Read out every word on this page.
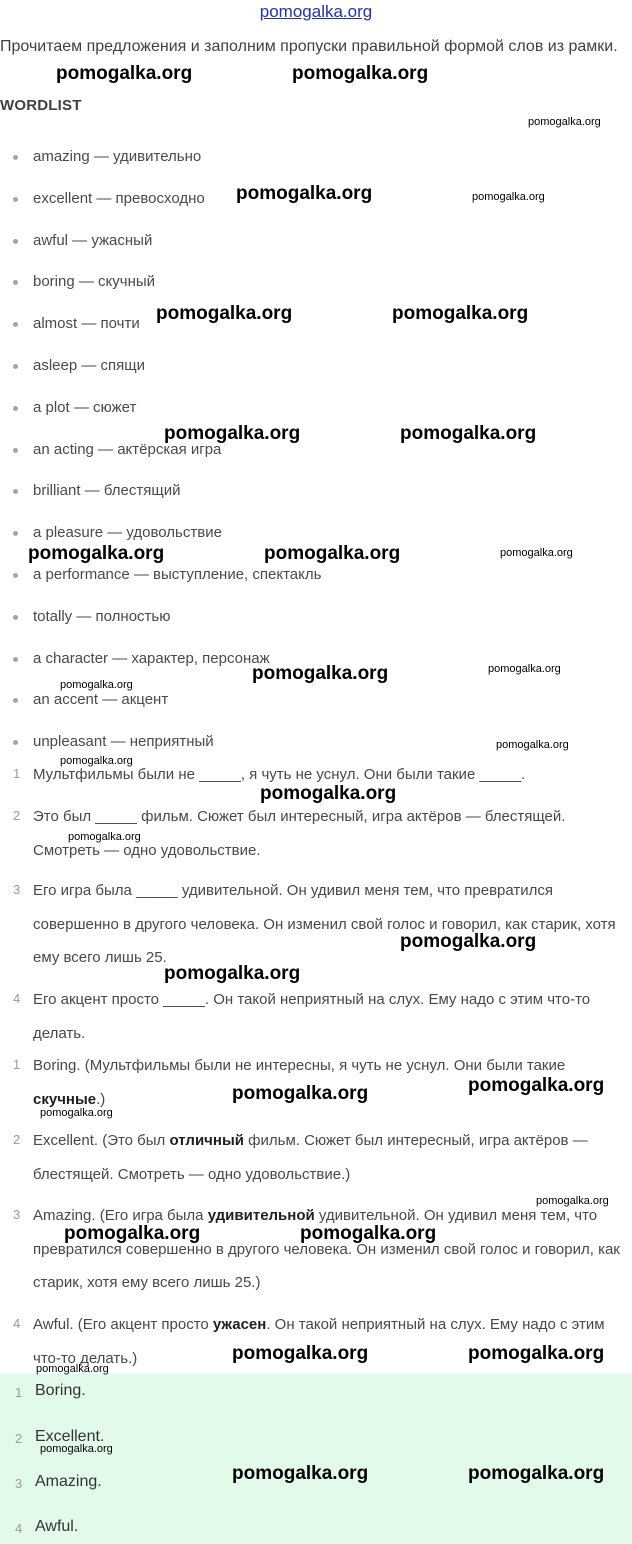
pomogalka.org

Прочитаем предложения и заполним пропуски правильной формой слов из рамки.

WORDLIST
amazing — удивительно
excellent — превосходно
awful — ужасный
boring — скучный
almost — почти
asleep — спящи
a plot — сюжет
an acting — актёрская игра
brilliant — блестящий
a pleasure — удовольствие
a performance — выступление, спектакль
totally — полностью
a character — характер, персонаж
an accent — акцент
unpleasant — неприятный
1 Мультфильмы были не _____, я чуть не уснул. Они были такие _____.

2 Это был _____ фильм. Сюжет был интересный, игра актёров — блестящей. Смотреть — одно удовольствие.

3 Его игра была _____ удивительной. Он удивил меня тем, что превратился совершенно в другого человека. Он изменил свой голос и говорил, как старик, хотя ему всего лишь 25.

4 Его акцент просто _____. Он такой неприятный на слух. Ему надо с этим что-то делать.

1 Boring. (Мультфильмы были не интересны, я чуть не уснул. Они были такие скучные.)

2 Excellent. (Это был отличный фильм. Сюжет был интересный, игра актёров — блестящей. Смотреть — одно удовольствие.)

3 Amazing. (Его игра была удивительной удивительной. Он удивил меня тем, что превратился совершенно в другого человека. Он изменил свой голос и говорил, как старик, хотя ему всего лишь 25.)

4 Awful. (Его акцент просто ужасен. Он такой неприятный на слух. Ему надо с этим что-то делать.)

1 Boring.
2 Excellent.
3 Amazing.
4 Awful.
pomogalka.org	pomogalka.org
pomogalka.org
pomogalka.org	pomogalka.org
pomogalka.org	pomogalka.org
pomogalka.org	pomogalka.org
pomogalka.org	pomogalka.org	pomogalka.org
pomogalka.org	pomogalka.org
pomogalka.org
pomogalka.org
pomogalka.org
pomogalka.org
pomogalka.org
pomogalka.org
pomogalka.org
pomogalka.org
pomogalka.org
pomogalka.org
pomogalka.org
pomogalka.org	pomogalka.org
pomogalka.org	pomogalka.org
pomogalka.org
pomogalka.org
pomogalka.org	pomogalka.org
